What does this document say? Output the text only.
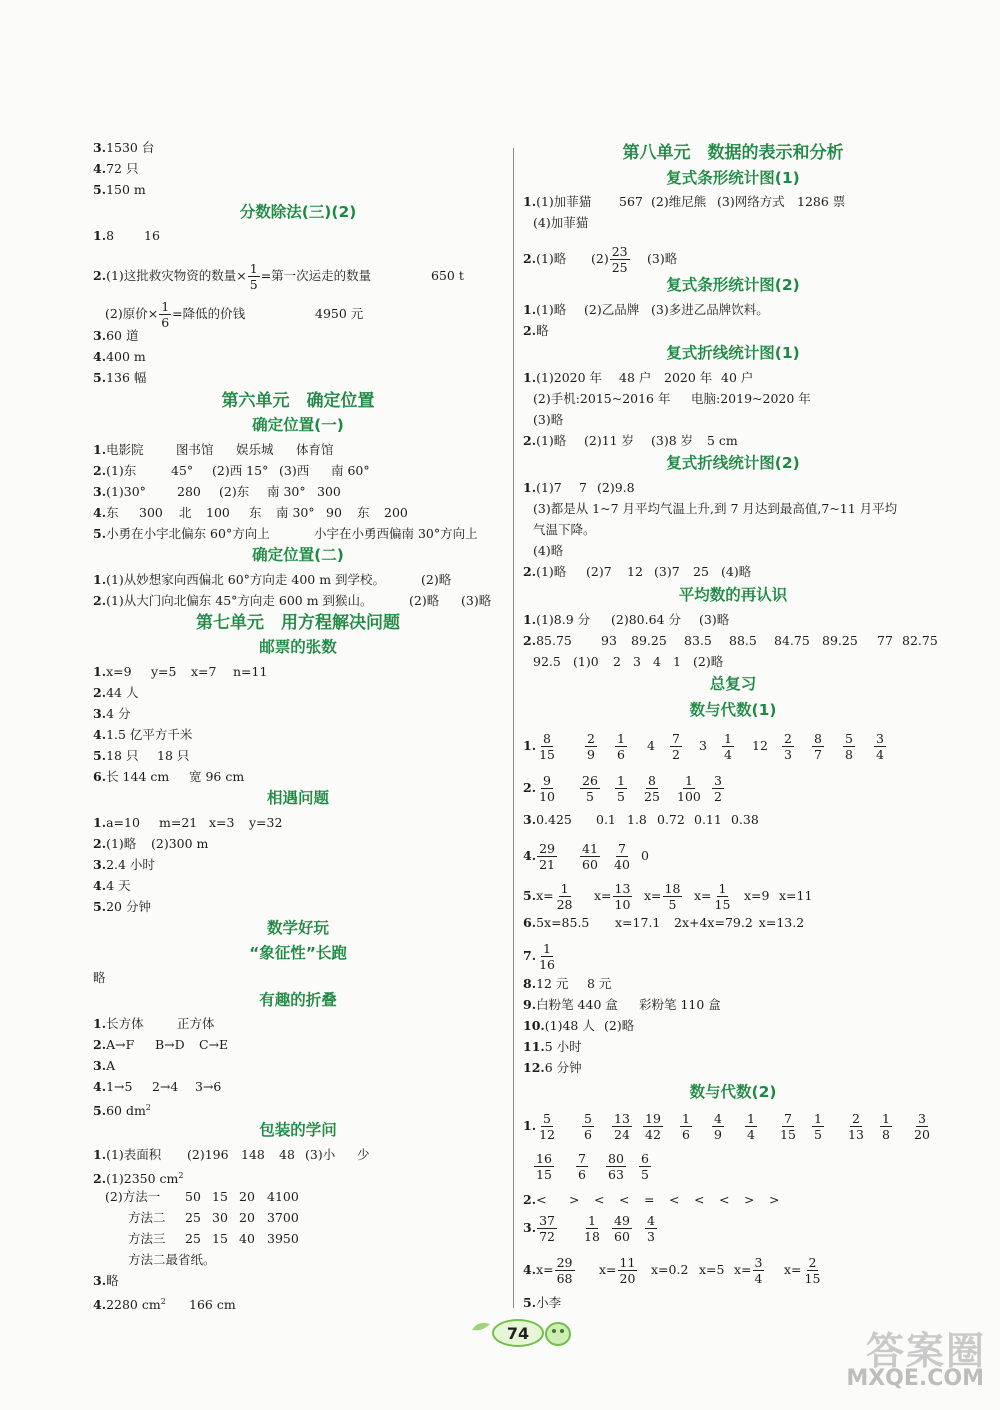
3.1530 台
4.72 只
5.150 m
分数除法(三)(2)
1.8 16
2.(1)这批救灾物资的数量× $\frac{1}{5}$ =第一次运走的数量	650 t
(2)原价× $\frac{1}{6}$ =降低的价钱	4950 元
3.60 道
4.400 m
5.136 幅
第六单元　确定位置
确定位置(一)
1.电影院	图书馆 娱乐城 体育馆
2.(1)东	45° (2)西 15° (3)西 南 60°
3.(1)30° 280 (2)东 南 30° 300
4.东 300 北 100 东 南 30° 90 东 200
5.小勇在小宇北偏东 60°方向上	小宇在小勇西偏南 30°方向上
确定位置(二)
1.(1)从妙想家向西偏北 60°方向走 400 m 到学校。	(2)略
2.(1)从大门向北偏东 45°方向走 600 m 到猴山。	(2)略 (3)略
第七单元　用方程解决问题
邮票的张数
1.x=9 y=5 x=7 n=11
2.44 人
3.4 分
4.1.5 亿平方千米
5.18 只 18 只
6.长 144 cm 宽 96 cm
相遇问题
1.a=10 m=21 x=3 y=32
2.(1)略 (2)300 m
3.2.4 小时
4.4 天
5.20 分钟
数学好玩
“象征性”长跑
略
有趣的折叠
1.长方体	正方体
2.A→F B→D C→E
3.A
4.1→5 2→4 3→6
5.60 $dm^2$
包装的学问
1.(1)表面积 (2)196 148 48 (3)小 少
2.(1)2350 $cm^2$
(2)方法一 50 15 20 4100
方法二 25 30 20 3700
方法三 25 15 40 3950
方法二最省纸。
3.略
4.2280 $cm^2$ 166 cm
第八单元　数据的表示和分析
复式条形统计图(1)
1.(1)加菲猫 567 (2)维尼熊 (3)网络方式 1286 票
(4)加菲猫
2.(1)略 $(2) \frac{23}{25} (3)$略
复式条形统计图(2)
1.(1)略 (2)乙品牌 (3)多进乙品牌饮料。
2.略
复式折线统计图(1)
1.(1)2020 年 48 户 2020 年 40 户
(2)手机:2015~2016 年 电脑:2019~2020 年
(3)略
2.(1)略 (2)11 岁 (3)8 岁 5 cm
复式折线统计图(2)
1.(1)7 7 (2)9.8
(3)都是从 1~7 月平均气温上升,到 7 月达到最高值,7~11 月平均
气温下降。
(4)略
2.(1)略 (2)7 12 (3)7 25 (4)略
平均数的再认识
1.(1)8.9 分 (2)80.64 分 (3)略
2.85.75 93 89.25 83.5 88.5 84.75 89.25 77 82.75
92.5 (1)0 2 3 4 1 (2)略
总复习
数与代数(1)
1. $\frac{8}{15} \frac{2}{9} \frac{1}{6} 4 \frac{7}{2} 3 \frac{1}{4} 12 \frac{2}{3} \frac{8}{7} \frac{5}{8} \frac{3}{4}$
2. $\frac{9}{10} \frac{26}{5} \frac{1}{5} \frac{8}{25} \frac{1}{100} \frac{3}{2}$
3.0.425 0.1 1.8 0.72 0.11 0.38
4. $\frac{29}{21} \frac{41}{60} \frac{7}{40} 0$
$5.x= \frac{1}{28} x= \frac{13}{10} x= \frac{18}{5} x= \frac{1}{15} x=9$ x=11
6.5x=85.5 x=17.1 2x+4x=79.2 x=13.2
7. $\frac{1}{16}$
8.12 元 8 元
9.白粉笔 440 盒 彩粉笔 110 盒
10.(1)48 人 (2)略
11.5 小时
12.6 分钟
数与代数(2)
1. $\frac{5}{12} \frac{5}{6} \frac{13}{24} \frac{19}{42} \frac{1}{6} \frac{4}{9} \frac{1}{4} \frac{7}{15} \frac{1}{5} \frac{2}{13} \frac{1}{8} \frac{3}{20}$
$\frac{16}{15} \frac{7}{6} \frac{80}{63} \frac{6}{5}$
2.< > < < = < < < > >
3. $\frac{37}{72} \frac{1}{18} \frac{49}{60} \frac{4}{3}$
$4.x= \frac{29}{68} x= \frac{11}{20} x=0.2$ x=5 $x= \frac{3}{4} x= \frac{2}{15}$
5.小李
74	答案圈
MXQE.COM
